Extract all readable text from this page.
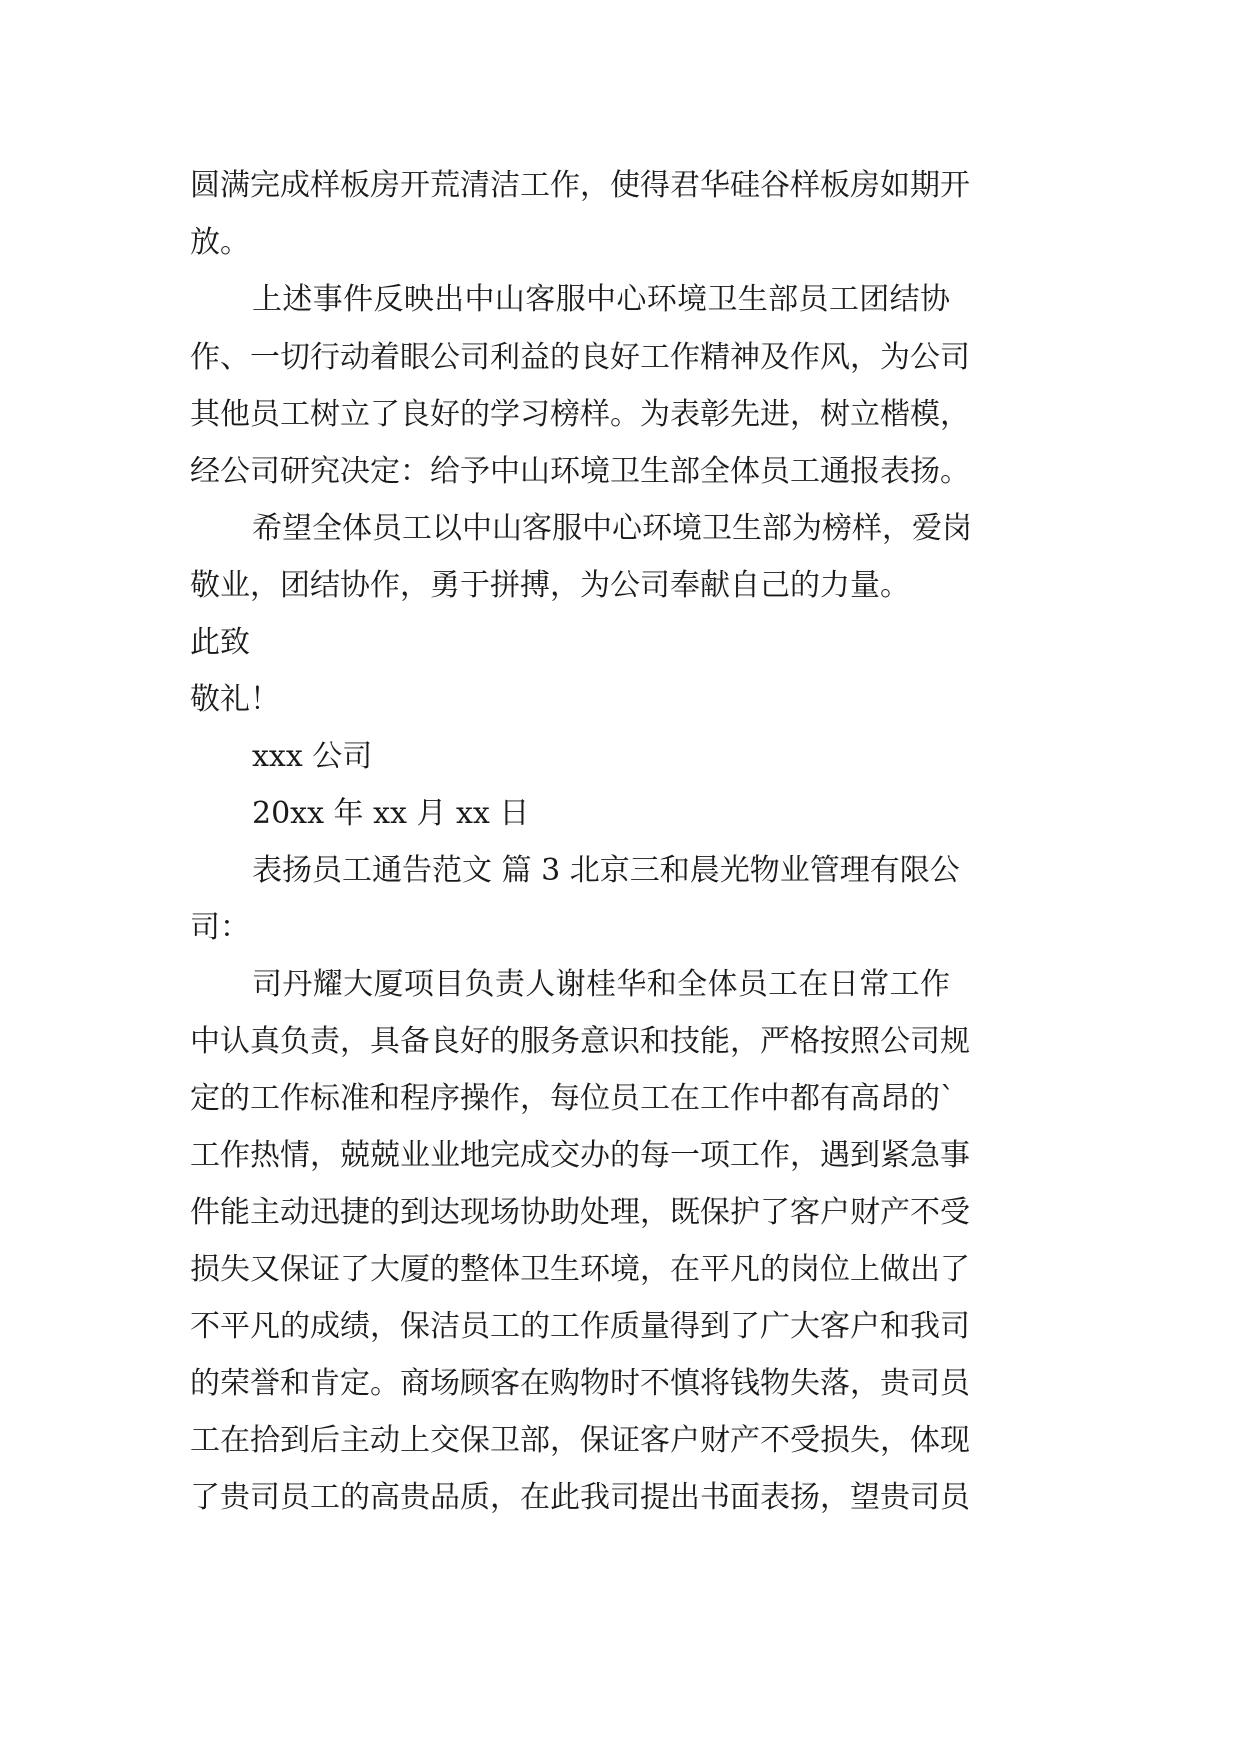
圆满完成样板房开荒清洁工作，使得君华硅谷样板房如期开
放。
上述事件反映出中山客服中心环境卫生部员工团结协
作、一切行动着眼公司利益的良好工作精神及作风，为公司
其他员工树立了良好的学习榜样。为表彰先进，树立楷模，
经公司研究决定：给予中山环境卫生部全体员工通报表扬。
希望全体员工以中山客服中心环境卫生部为榜样，爱岗
敬业，团结协作，勇于拼搏，为公司奉献自己的力量。
此致
敬礼！
xxx 公司
20xx 年 xx 月 xx 日
表扬员工通告范文 篇 3 北京三和晨光物业管理有限公
司：
司丹耀大厦项目负责人谢桂华和全体员工在日常工作
中认真负责，具备良好的服务意识和技能，严格按照公司规
定的工作标准和程序操作，每位员工在工作中都有高昂的`
工作热情，兢兢业业地完成交办的每一项工作，遇到紧急事
件能主动迅捷的到达现场协助处理，既保护了客户财产不受
损失又保证了大厦的整体卫生环境，在平凡的岗位上做出了
不平凡的成绩，保洁员工的工作质量得到了广大客户和我司
的荣誉和肯定。商场顾客在购物时不慎将钱物失落，贵司员
工在拾到后主动上交保卫部，保证客户财产不受损失，体现
了贵司员工的高贵品质，在此我司提出书面表扬，望贵司员
